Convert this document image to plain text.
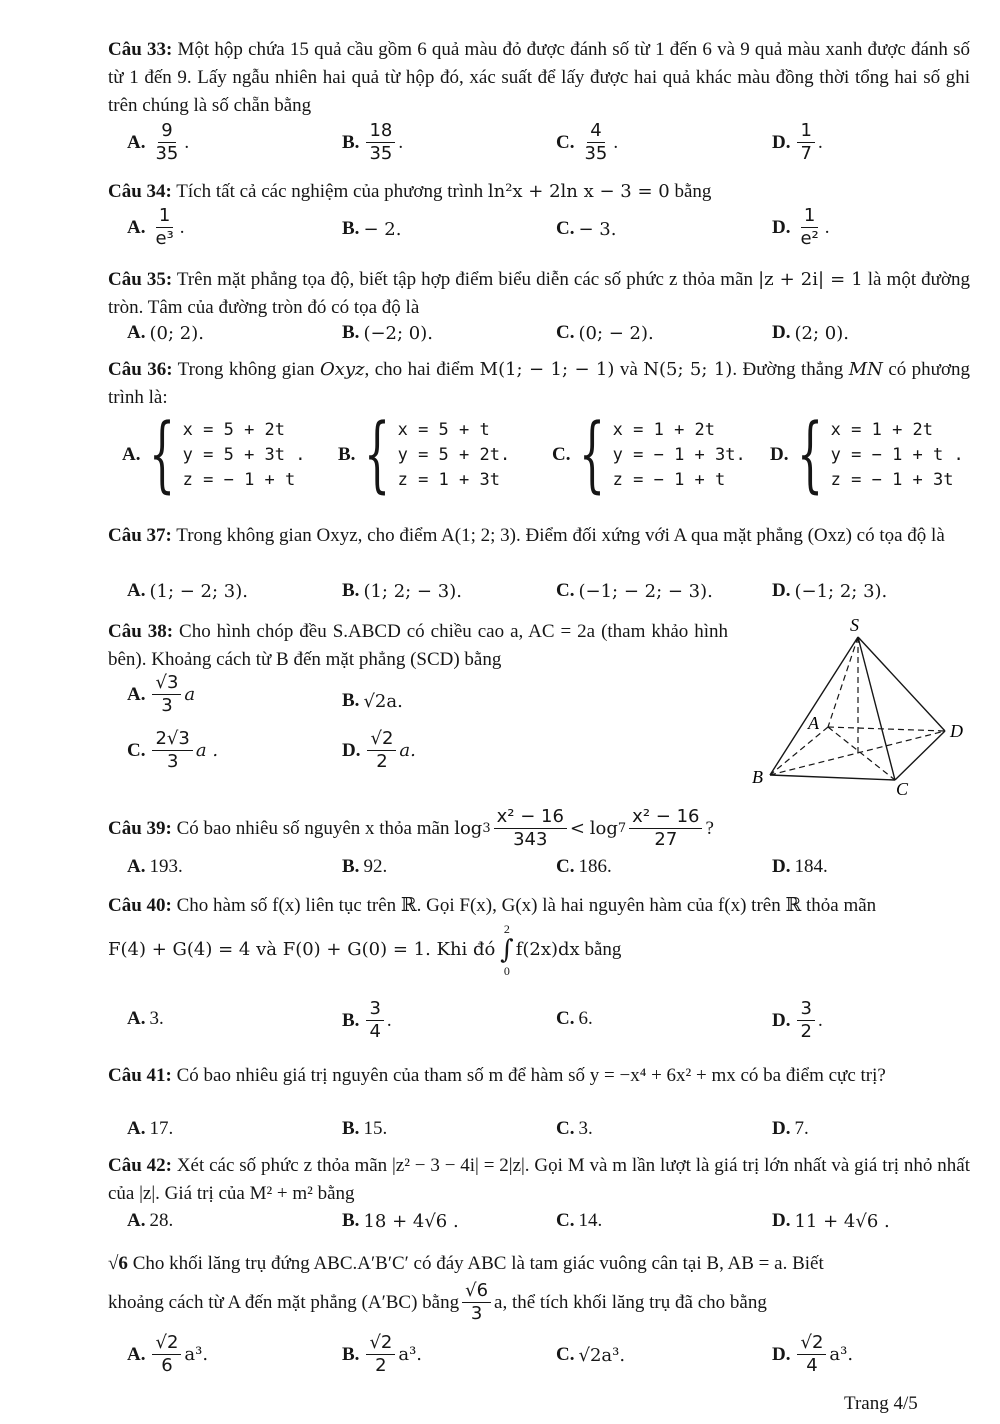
Câu 33: Một hộp chứa 15 quả cầu gồm 6 quả màu đỏ được đánh số từ 1 đến 6 và 9 quả màu xanh được đánh số từ 1 đến 9. Lấy ngẫu nhiên hai quả từ hộp đó, xác suất để lấy được hai quả khác màu đồng thời tổng hai số ghi trên chúng là số chẵn bằng
A. $\frac{9}{35}$ .	B. $\frac{18}{35}$ .	C. $\frac{4}{35}$ .	D. $\frac{1}{7}$ .
Câu 34: Tích tất cả các nghiệm của phương trình ln²x + 2ln x − 3 = 0 bằng
A. $\frac{1}{\text{e³}}$ .	B. − 2.	C. − 3.	D. $\frac{1}{\text{e²}}$ .
Câu 35: Trên mặt phẳng tọa độ, biết tập hợp điểm biểu diễn các số phức z thỏa mãn |z + 2i| = 1 là một đường tròn. Tâm của đường tròn đó có tọa độ là
A. (0; 2).	B. (−2; 0).	C. (0; − 2).	D. (2; 0).
Câu 36: Trong không gian Oxyz, cho hai điểm M(1; − 1; − 1) và N(5; 5; 1). Đường thẳng MN có phương trình là:
A. { x = 5 + 2t
y = 5 + 3t .
z = − 1 + t
B. { x = 5 + t
y = 5 + 2t.
z = 1 + 3t
C. { x = 1 + 2t
y = − 1 + 3t.
z = − 1 + t
D. { x = 1 + 2t
y = − 1 + t .
z = − 1 + 3t
Câu 37: Trong không gian Oxyz, cho điểm A(1; 2; 3). Điểm đối xứng với A qua mặt phẳng (Oxz) có tọa độ là
A. (1; − 2; 3).	B. (1; 2; − 3).	C. (−1; − 2; − 3).	D. (−1; 2; 3).
Câu 38: Cho hình chóp đều S.ABCD có chiều cao a, AC = 2a (tham khảo hình bên). Khoảng cách từ B đến mặt phẳng (SCD) bằng
A. $\frac{√3}{3}$ a	B. √2a.
C. $\frac{2√3}{3}$ a .	D. $\frac{√2}{2} a$.
S
A
B
C
D
Câu 39:
Có bao nhiêu số nguyên x thỏa mãn
$\log 3 \frac{\text{x² − 16}}{343}$ <
$\log 7 \frac{\text{x² − 16}}{27}$ ?
A. 193.	B. 92.	C. 186.	D. 184.
Câu 40: Cho hàm số f(x) liên tục trên ℝ. Gọi F(x), G(x) là hai nguyên hàm của f(x) trên ℝ thỏa mãn
F(4) + G(4) = 4 và F(0) + G(0) = 1. Khi đó

2
∫
0
f(2x)dx
bằng
A. 3.	B. $\frac{3}{4}$ .	C. 6.	D. $\frac{3}{2}$ .
Câu 41: Có bao nhiêu giá trị nguyên của tham số m để hàm số y = −x⁴ + 6x² + mx có ba điểm cực trị?
A. 17.	B. 15.	C. 3.	D. 7.
Câu 42: Xét các số phức z thỏa mãn |z² − 3 − 4i| = 2|z|. Gọi M và m lần lượt là giá trị lớn nhất và giá trị nhỏ nhất của |z|. Giá trị của M² + m² bằng
A. 28.	B. 18 + 4√6 .	C. 14.	D. 11 + 4√6 .
√6 Cho khối lăng trụ đứng ABC.A′B′C′ có đáy ABC là tam giác vuông cân tại B, AB = a. Biết
khoảng cách từ A đến mặt phẳng (A′BC) bằng $\frac{√6}{3} a$, thể tích khối lăng trụ đã cho bằng
A. $\frac{√2}{6} a^3$.	B. $\frac{√2}{2} a^3$.	C. √2a³.	D. $\frac{√2}{4} a^3$.
Trang 4/5
